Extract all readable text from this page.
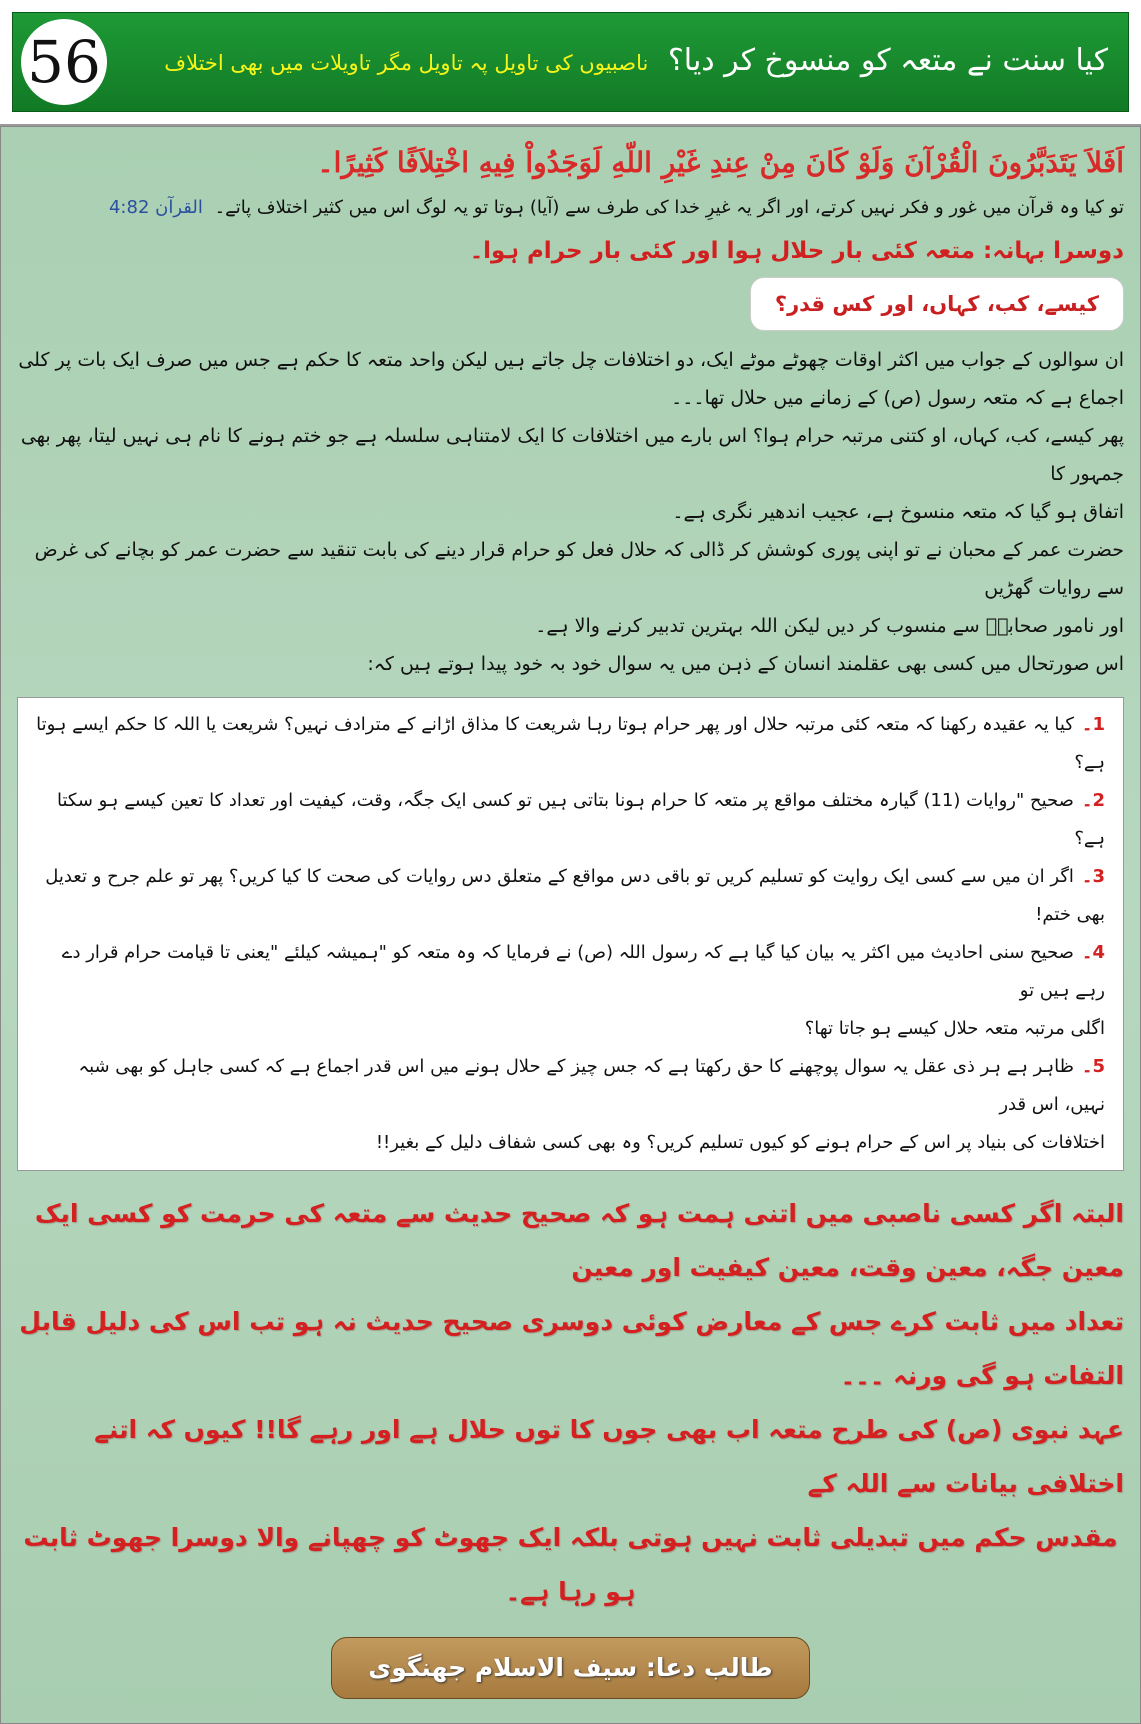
56	کیا سنت نے متعہ کو منسوخ کر دیا؟ ناصبیوں کی تاویل پہ تاویل مگر تاویلات میں بھی اختلاف
اَفَلاَ یَتَدَبَّرُونَ الْقُرْآنَ وَلَوْ كَانَ مِنْ عِندِ غَيْرِ اللّهِ لَوَجَدُواْ فِيهِ اخْتِلاَفًا كَثِيرًا۔
تو کیا وہ قرآن میں غور و فکر نہیں کرتے، اور اگر یہ غیرِ خدا کی طرف سے (آیا) ہوتا تو یہ لوگ اس میں کثیر اختلاف پاتے۔ القرآن 4:82
دوسرا بہانہ: متعہ کئی بار حلال ہوا اور کئی بار حرام ہوا۔
کیسے، کب، کہاں، اور کس قدر؟
ان سوالوں کے جواب میں اکثر اوقات چھوٹے موٹے ایک، دو اختلافات چل جاتے ہیں لیکن واحد متعہ کا حکم ہے جس میں صرف ایک بات پر کلی
اجماع ہے کہ متعہ رسول (ص) کے زمانے میں حلال تھا۔۔۔
پھر کیسے، کب، کہاں، او کتنی مرتبہ حرام ہوا؟ اس بارے میں اختلافات کا ایک لامتناہی سلسلہ ہے جو ختم ہونے کا نام ہی نہیں لیتا، پھر بھی جمہور کا
اتفاق ہو گیا کہ متعہ منسوخ ہے، عجیب اندھیر نگری ہے۔
حضرت عمر کے محبان نے تو اپنی پوری کوشش کر ڈالی کہ حلال فعل کو حرام قرار دینے کی بابت تنقید سے حضرت عمر کو بچانے کی غرض سے روایات گھڑیں
اور نامور صحابہؓ سے منسوب کر دیں لیکن اللہ بہترین تدبیر کرنے والا ہے۔
اس صورتحال میں کسی بھی عقلمند انسان کے ذہن میں یہ سوال خود بہ خود پیدا ہوتے ہیں کہ:
1۔کیا یہ عقیدہ رکھنا کہ متعہ کئی مرتبہ حلال اور پھر حرام ہوتا رہا شریعت کا مذاق اڑانے کے مترادف نہیں؟ شریعت یا اللہ کا حکم ایسے ہوتا ہے؟
2۔صحیح "روایات (11) گیارہ مختلف مواقع پر متعہ کا حرام ہونا بتاتی ہیں تو کسی ایک جگہ، وقت، کیفیت اور تعداد کا تعین کیسے ہو سکتا ہے؟
3۔اگر ان میں سے کسی ایک روایت کو تسلیم کریں تو باقی دس مواقع کے متعلق دس روایات کی صحت کا کیا کریں؟ پھر تو علم جرح و تعدیل بھی ختم!
4۔صحیح سنی احادیث میں اکثر یہ بیان کیا گیا ہے کہ رسول اللہ (ص) نے فرمایا کہ وہ متعہ کو "ہمیشہ کیلئے "یعنی تا قیامت حرام قرار دے رہے ہیں تو
اگلی مرتبہ متعہ حلال کیسے ہو جاتا تھا؟
5۔ظاہر ہے ہر ذی عقل یہ سوال پوچھنے کا حق رکھتا ہے کہ جس چیز کے حلال ہونے میں اس قدر اجماع ہے کہ کسی جاہل کو بھی شبہ نہیں، اس قدر
اختلافات کی بنیاد پر اس کے حرام ہونے کو کیوں تسلیم کریں؟ وہ بھی کسی شفاف دلیل کے بغیر!!
البتہ اگر کسی ناصبی میں اتنی ہمت ہو کہ صحیح حدیث سے متعہ کی حرمت کو کسی ایک معین جگہ، معین وقت، معین کیفیت اور معین
تعداد میں ثابت کرے جس کے معارض کوئی دوسری صحیح حدیث نہ ہو تب اس کی دلیل قابل التفات ہو گی ورنہ ۔۔۔
عہد نبوی (ص) کی طرح متعہ اب بھی جوں کا توں حلال ہے اور رہے گا!! کیوں کہ اتنے اختلافی بیانات سے اللہ کے
مقدس حکم میں تبدیلی ثابت نہیں ہوتی بلکہ ایک جھوٹ کو چھپانے والا دوسرا جھوٹ ثابت ہو رہا ہے۔
طالب دعا: سیف الاسلام جھنگوی
